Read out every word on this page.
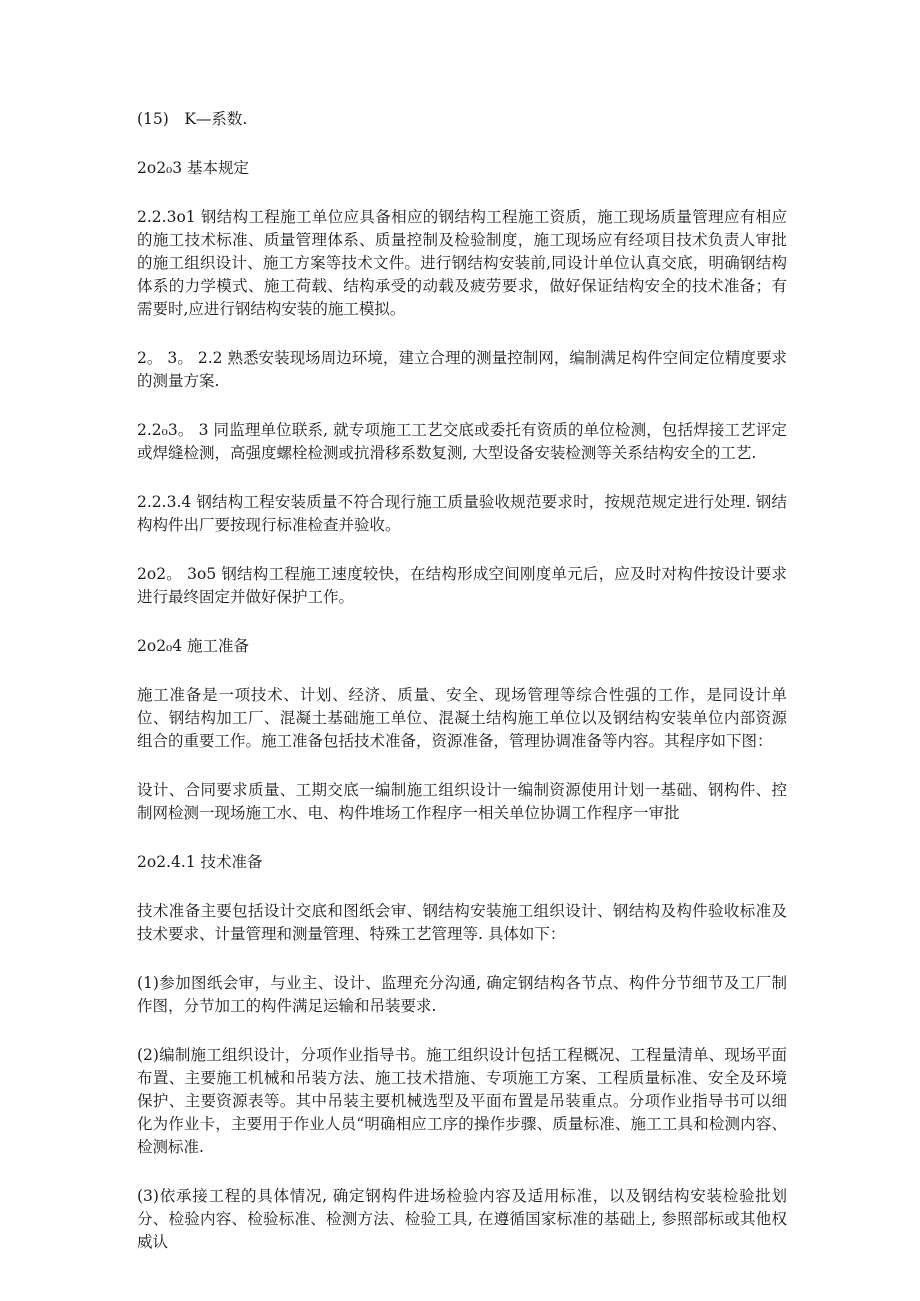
(15)　K—系数.

2o2₀3 基本规定

2.2.3o1 钢结构工程施工单位应具备相应的钢结构工程施工资质，施工现场质量管理应有相应的施工技术标准、质量管理体系、质量控制及检验制度，施工现场应有经项目技术负责人审批的施工组织设计、施工方案等技术文件。进行钢结构安装前,同设计单位认真交底，明确钢结构体系的力学模式、施工荷载、结构承受的动载及疲劳要求，做好保证结构安全的技术准备；有需要时,应进行钢结构安装的施工模拟。

2。 3。 2.2 熟悉安装现场周边环境，建立合理的测量控制网，编制满足构件空间定位精度要求的测量方案.

2.2₀3。 3 同监理单位联系, 就专项施工工艺交底或委托有资质的单位检测，包括焊接工艺评定或焊缝检测，高强度螺栓检测或抗滑移系数复测, 大型设备安装检测等关系结构安全的工艺.

2.2.3.4 钢结构工程安装质量不符合现行施工质量验收规范要求时，按规范规定进行处理. 钢结构构件出厂要按现行标准检查并验收。

2o2。 3o5 钢结构工程施工速度较快，在结构形成空间刚度单元后，应及时对构件按设计要求进行最终固定并做好保护工作。

2o2₀4 施工准备

施工准备是一项技术、计划、经济、质量、安全、现场管理等综合性强的工作，是同设计单位、钢结构加工厂、混凝土基础施工单位、混凝土结构施工单位以及钢结构安装单位内部资源组合的重要工作。施工准备包括技术准备，资源准备，管理协调准备等内容。其程序如下图：

设计、合同要求质量、工期交底一编制施工组织设计一编制资源使用计划一基础、钢构件、控制网检测一现场施工水、电、构件堆场工作程序一相关单位协调工作程序一审批

2o2.4.1 技术准备

技术准备主要包括设计交底和图纸会审、钢结构安装施工组织设计、钢结构及构件验收标准及技术要求、计量管理和测量管理、特殊工艺管理等. 具体如下：

(1)参加图纸会审，与业主、设计、监理充分沟通, 确定钢结构各节点、构件分节细节及工厂制作图，分节加工的构件满足运输和吊装要求.

(2)编制施工组织设计，分项作业指导书。施工组织设计包括工程概况、工程量清单、现场平面布置、主要施工机械和吊装方法、施工技术措施、专项施工方案、工程质量标准、安全及环境保护、主要资源表等。其中吊装主要机械选型及平面布置是吊装重点。分项作业指导书可以细化为作业卡，主要用于作业人员“明确相应工序的操作步骤、质量标准、施工工具和检测内容、检测标准.

(3)依承接工程的具体情况, 确定钢构件进场检验内容及适用标准，以及钢结构安装检验批划分、检验内容、检验标准、检测方法、检验工具, 在遵循国家标准的基础上, 参照部标或其他权威认
